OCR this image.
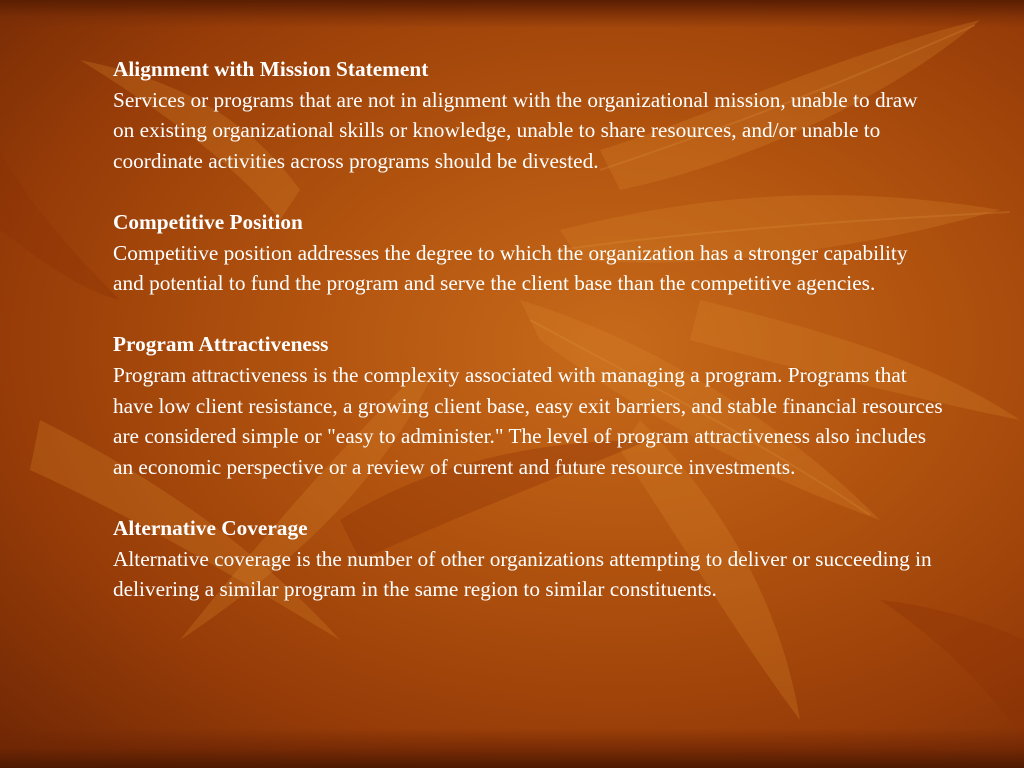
Alignment with Mission Statement

Services or programs that are not in alignment with the organizational mission, unable to draw on existing organizational skills or knowledge, unable to share resources, and/or unable to coordinate activities across programs should be divested.

Competitive Position

Competitive position addresses the degree to which the organization has a stronger capability and potential to fund the program and serve the client base than the competitive agencies.

Program Attractiveness

Program attractiveness is the complexity associated with managing a program. Programs that have low client resistance, a growing client base, easy exit barriers, and stable financial resources are considered simple or "easy to administer." The level of program attractiveness also includes an economic perspective or a review of current and future resource investments.

Alternative Coverage

Alternative coverage is the number of other organizations attempting to deliver or succeeding in delivering a similar program in the same region to similar constituents.
